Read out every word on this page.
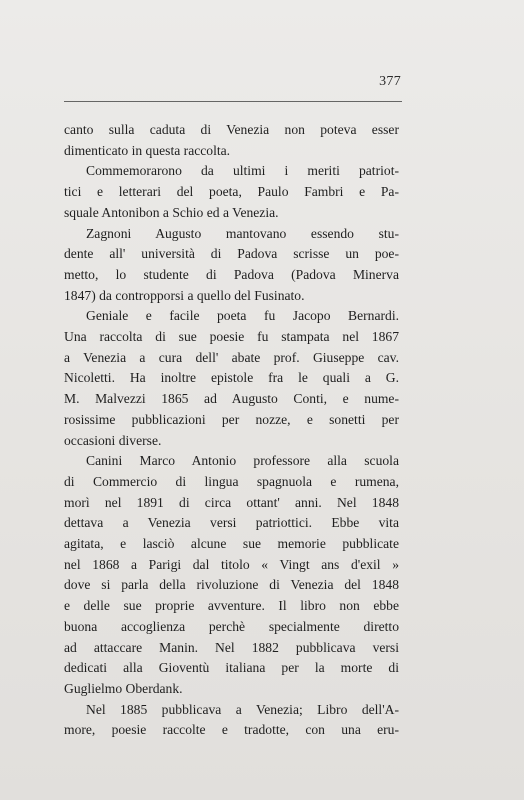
377
canto sulla caduta di Venezia non poteva esser
dimenticato in questa raccolta.
Commemorarono da ultimi i meriti patriot-
tici e letterari del poeta, Paulo Fambri e Pa-
squale Antonibon a Schio ed a Venezia.
Zagnoni Augusto mantovano essendo stu-
dente all' università di Padova scrisse un poe-
metto, lo studente di Padova (Padova Minerva
1847) da contropporsi a quello del Fusinato.
Geniale e facile poeta fu Jacopo Bernardi.
Una raccolta di sue poesie fu stampata nel 1867
a Venezia a cura dell' abate prof. Giuseppe cav.
Nicoletti. Ha inoltre epistole fra le quali a G.
M. Malvezzi 1865 ad Augusto Conti, e nume-
rosissime pubblicazioni per nozze, e sonetti per
occasioni diverse.
Canini Marco Antonio professore alla scuola
di Commercio di lingua spagnuola e rumena,
morì nel 1891 di circa ottant' anni. Nel 1848
dettava a Venezia versi patriottici. Ebbe vita
agitata, e lasciò alcune sue memorie pubblicate
nel 1868 a Parigi dal titolo « Vingt ans d'exil »
dove si parla della rivoluzione di Venezia del 1848
e delle sue proprie avventure. Il libro non ebbe
buona accoglienza perchè specialmente diretto
ad attaccare Manin. Nel 1882 pubblicava versi
dedicati alla Gioventù italiana per la morte di
Guglielmo Oberdank.
Nel 1885 pubblicava a Venezia; Libro dell'A-
more, poesie raccolte e tradotte, con una eru-
